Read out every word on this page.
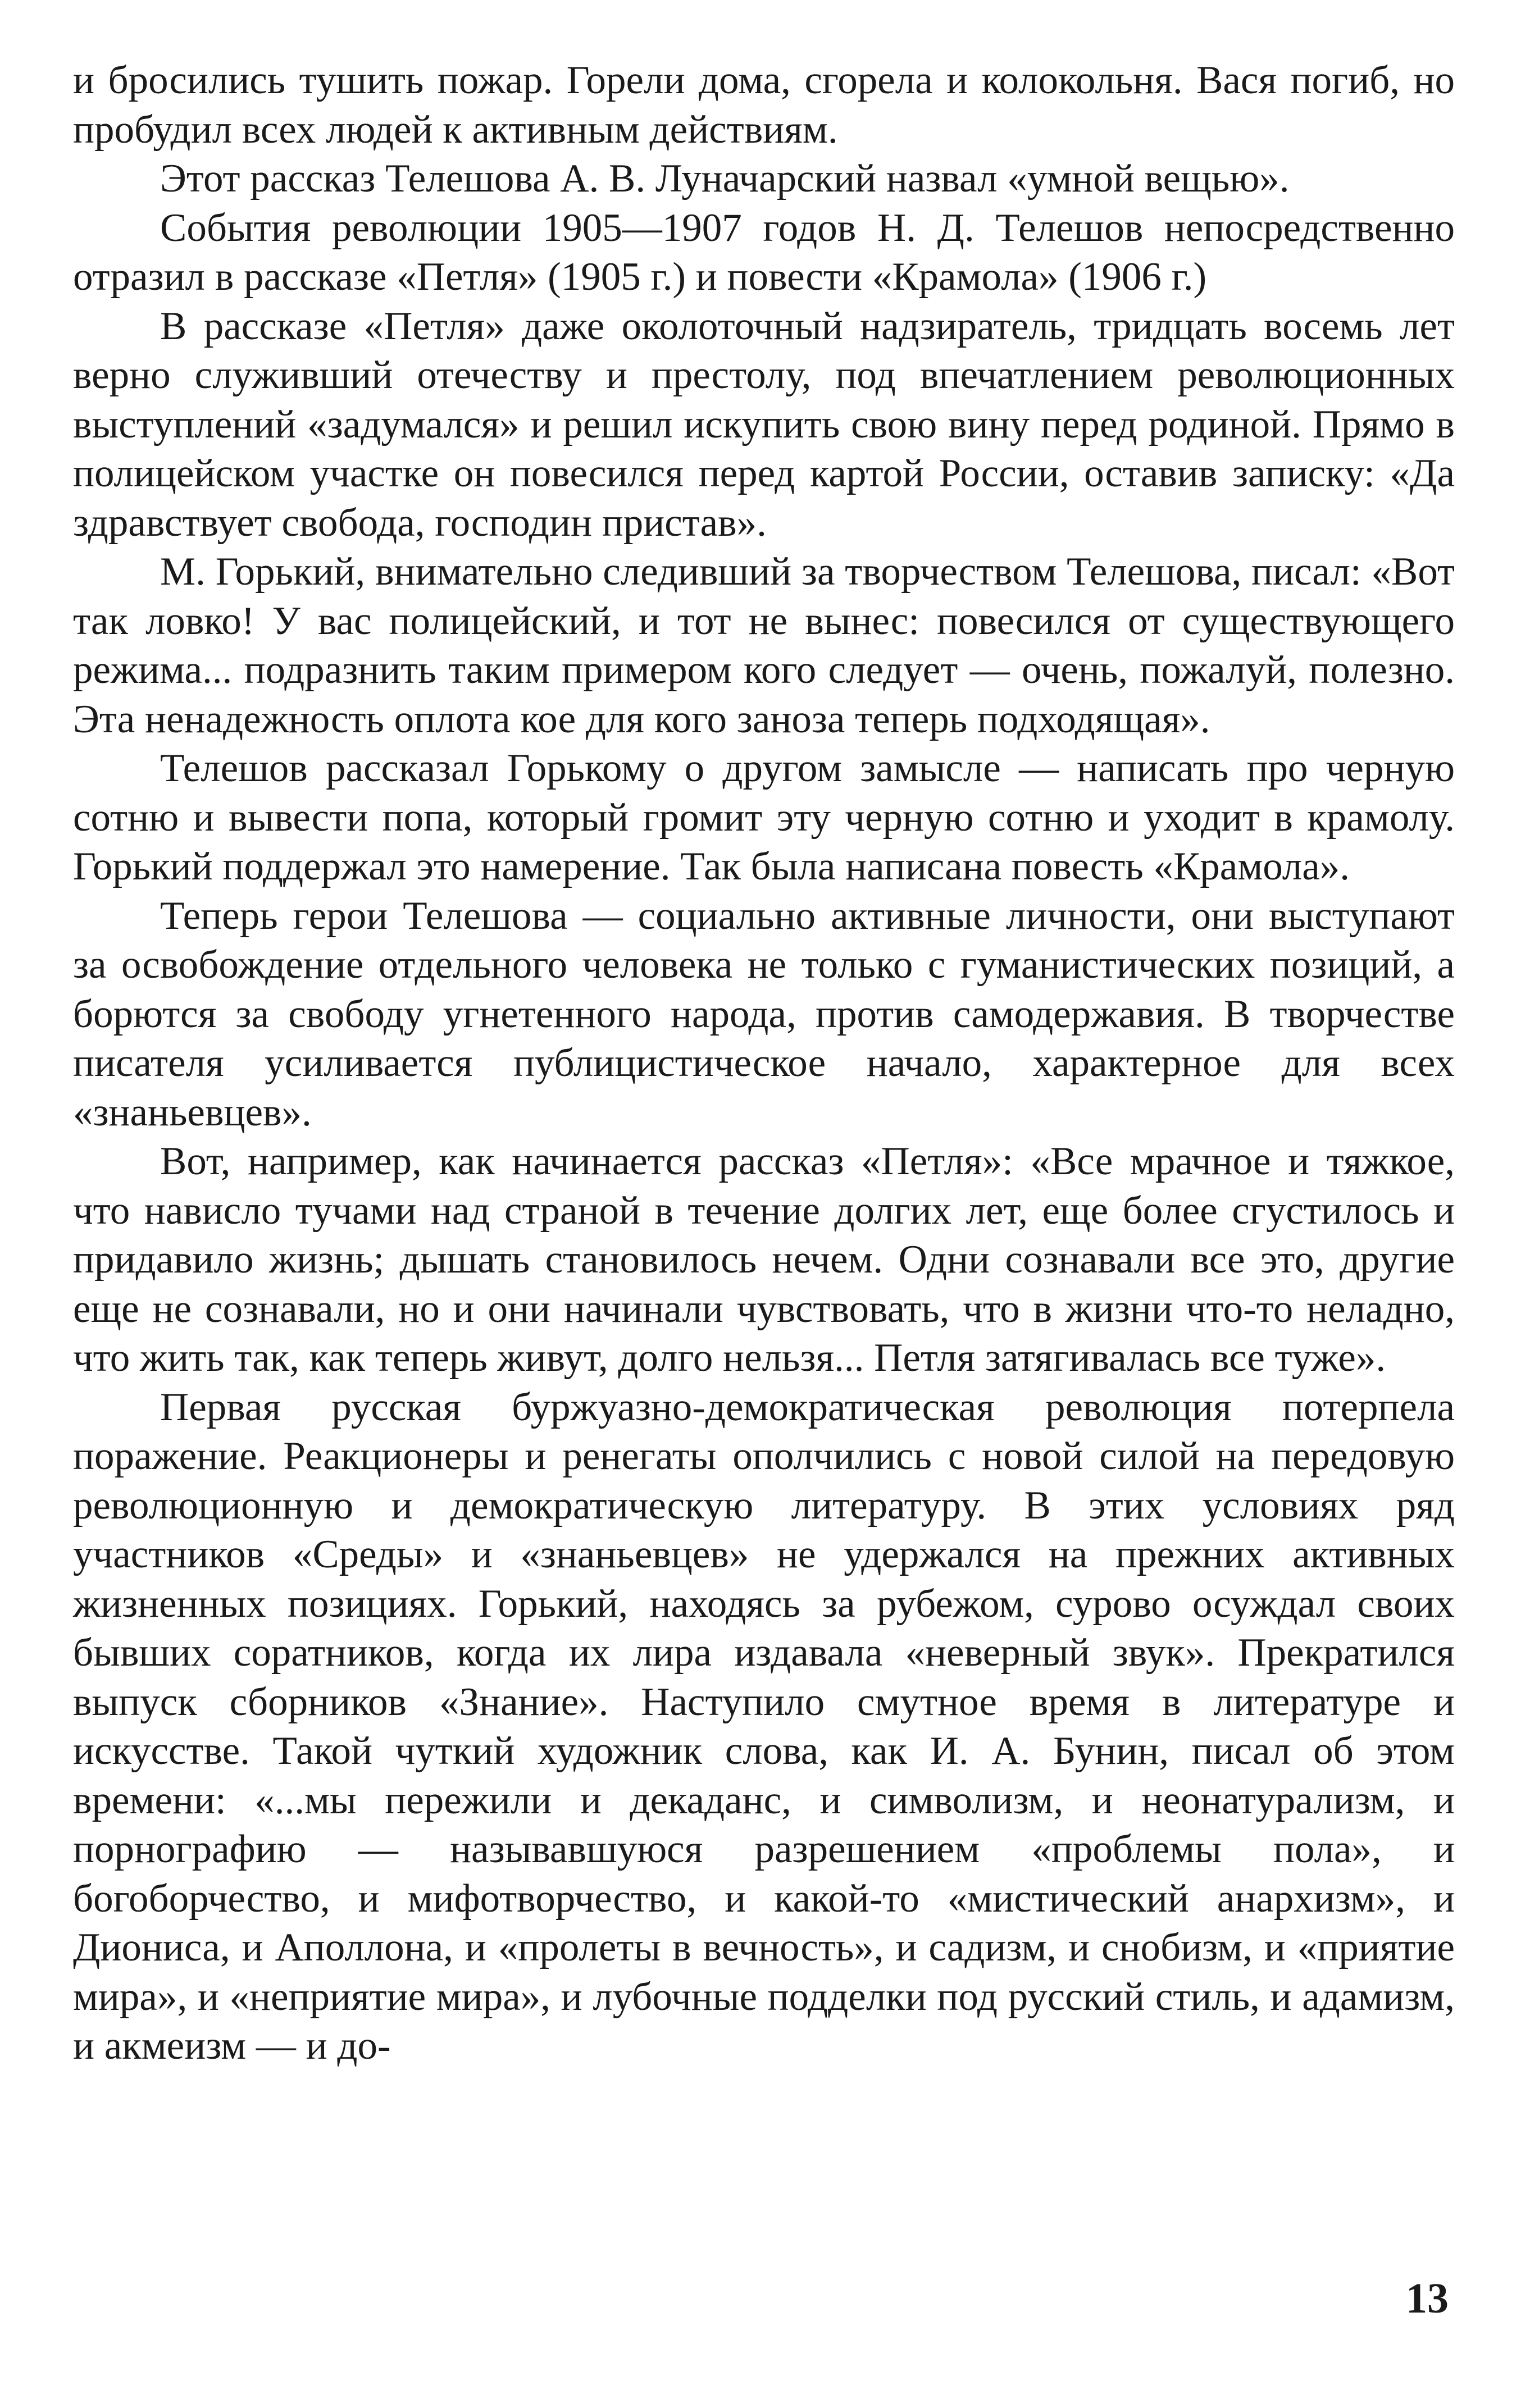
и бросились тушить пожар. Горели дома, сгорела и колокольня. Вася погиб, но пробудил всех людей к активным действиям.

Этот рассказ Телешова А. В. Луначарский назвал «умной вещью».

События революции 1905—1907 годов Н. Д. Телешов непосредственно отразил в рассказе «Петля» (1905 г.) и повести «Крамола» (1906 г.)

В рассказе «Петля» даже околоточный надзиратель, тридцать восемь лет верно служивший отечеству и престолу, под впечатлением революционных выступлений «задумался» и решил искупить свою вину перед родиной. Прямо в полицейском участке он повесился перед картой России, оставив записку: «Да здравствует свобода, господин пристав».

М. Горький, внимательно следивший за творчеством Телешова, писал: «Вот так ловко! У вас полицейский, и тот не вынес: повесился от существующего режима... подразнить таким примером кого следует — очень, пожалуй, полезно. Эта ненадежность оплота кое для кого заноза теперь подходящая».

Телешов рассказал Горькому о другом замысле — написать про черную сотню и вывести попа, который громит эту черную сотню и уходит в крамолу. Горький поддержал это намерение. Так была написана повесть «Крамола».

Теперь герои Телешова — социально активные личности, они выступают за освобождение отдельного человека не только с гуманистических позиций, а борются за свободу угнетенного народа, против самодержавия. В творчестве писателя усиливается публицистическое начало, характерное для всех «знаньевцев».

Вот, например, как начинается рассказ «Петля»: «Все мрачное и тяжкое, что нависло тучами над страной в течение долгих лет, еще более сгустилось и придавило жизнь; дышать становилось нечем. Одни сознавали все это, другие еще не сознавали, но и они начинали чувствовать, что в жизни что-то неладно, что жить так, как теперь живут, долго нельзя... Петля затягивалась все туже».

Первая русская буржуазно-демократическая революция потерпела поражение. Реакционеры и ренегаты ополчились с новой силой на передовую революционную и демократическую литературу. В этих условиях ряд участников «Среды» и «знаньевцев» не удержался на прежних активных жизненных позициях. Горький, находясь за рубежом, сурово осуждал своих бывших соратников, когда их лира издавала «неверный звук». Прекратился выпуск сборников «Знание». Наступило смутное время в литературе и искусстве. Такой чуткий художник слова, как И. А. Бунин, писал об этом времени: «...мы пережили и декаданс, и символизм, и неонатурализм, и порнографию — называвшуюся разрешением «проблемы пола», и богоборчество, и мифотворчество, и какой-то «мистический анархизм», и Диониса, и Аполлона, и «пролеты в вечность», и садизм, и снобизм, и «приятие мира», и «неприятие мира», и лубочные подделки под русский стиль, и адамизм, и акмеизм — и до-

13
